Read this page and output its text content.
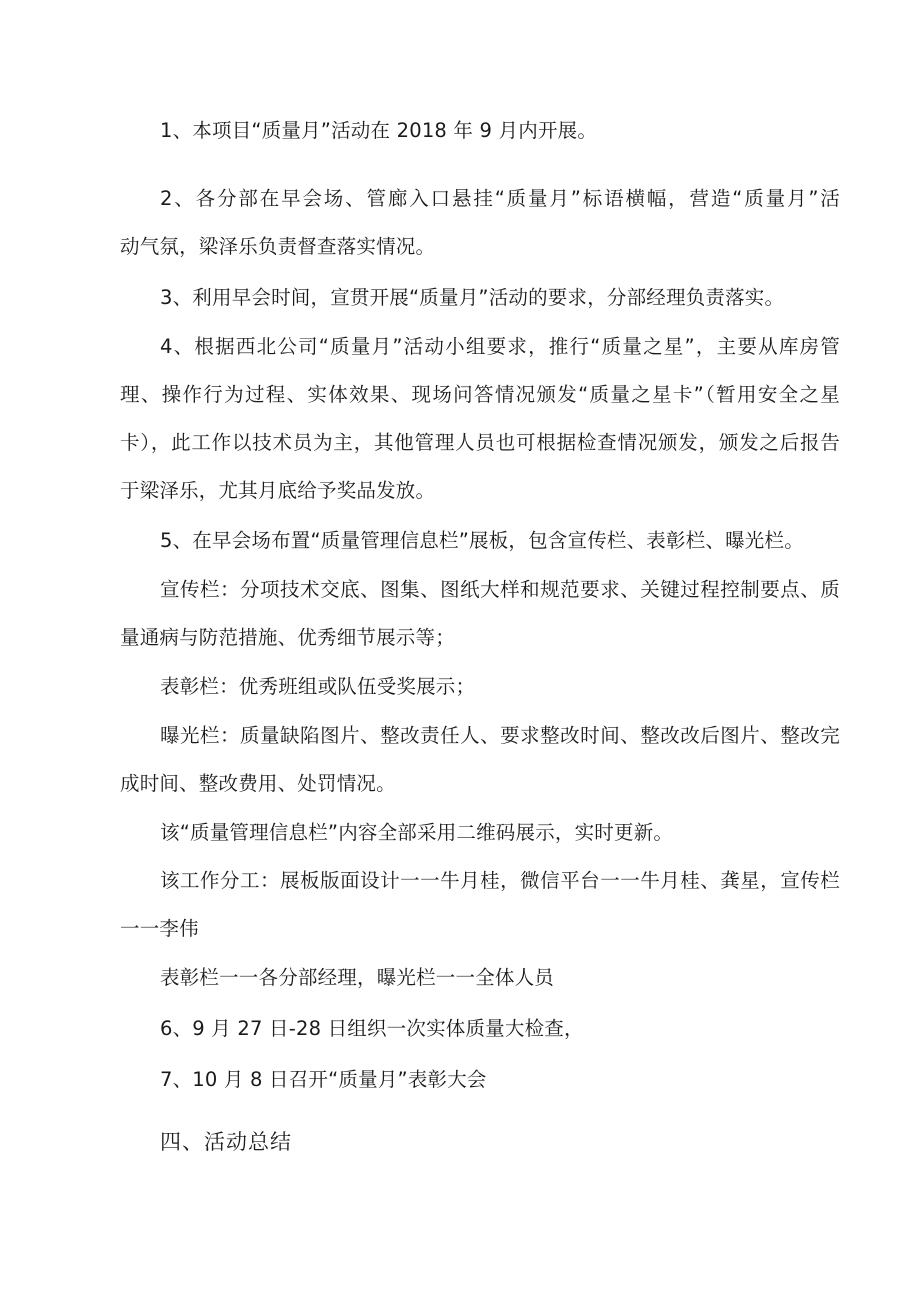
1、本项目“质量月”活动在 2018 年 9 月内开展。
2、各分部在早会场、管廊入口悬挂“质量月”标语横幅，营造“质量月”活
动气氛，梁泽乐负责督查落实情况。
3、利用早会时间，宣贯开展“质量月”活动的要求，分部经理负责落实。
4、根据西北公司“质量月”活动小组要求，推行“质量之星”，主要从库房管
理、操作行为过程、实体效果、现场问答情况颁发“质量之星卡”（暂用安全之星
卡），此工作以技术员为主，其他管理人员也可根据检查情况颁发，颁发之后报告
于梁泽乐，尤其月底给予奖品发放。
5、在早会场布置“质量管理信息栏”展板，包含宣传栏、表彰栏、曝光栏。
宣传栏：分项技术交底、图集、图纸大样和规范要求、关键过程控制要点、质
量通病与防范措施、优秀细节展示等；
表彰栏：优秀班组或队伍受奖展示；
曝光栏：质量缺陷图片、整改责任人、要求整改时间、整改改后图片、整改完
成时间、整改费用、处罚情况。
该“质量管理信息栏”内容全部采用二维码展示，实时更新。
该工作分工：展板版面设计一一牛月桂，微信平台一一牛月桂、龚星，宣传栏
一一李伟
表彰栏一一各分部经理，曝光栏一一全体人员
6、9 月 27 日-28 日组织一次实体质量大检查，
7、10 月 8 日召开“质量月”表彰大会
四、活动总结
